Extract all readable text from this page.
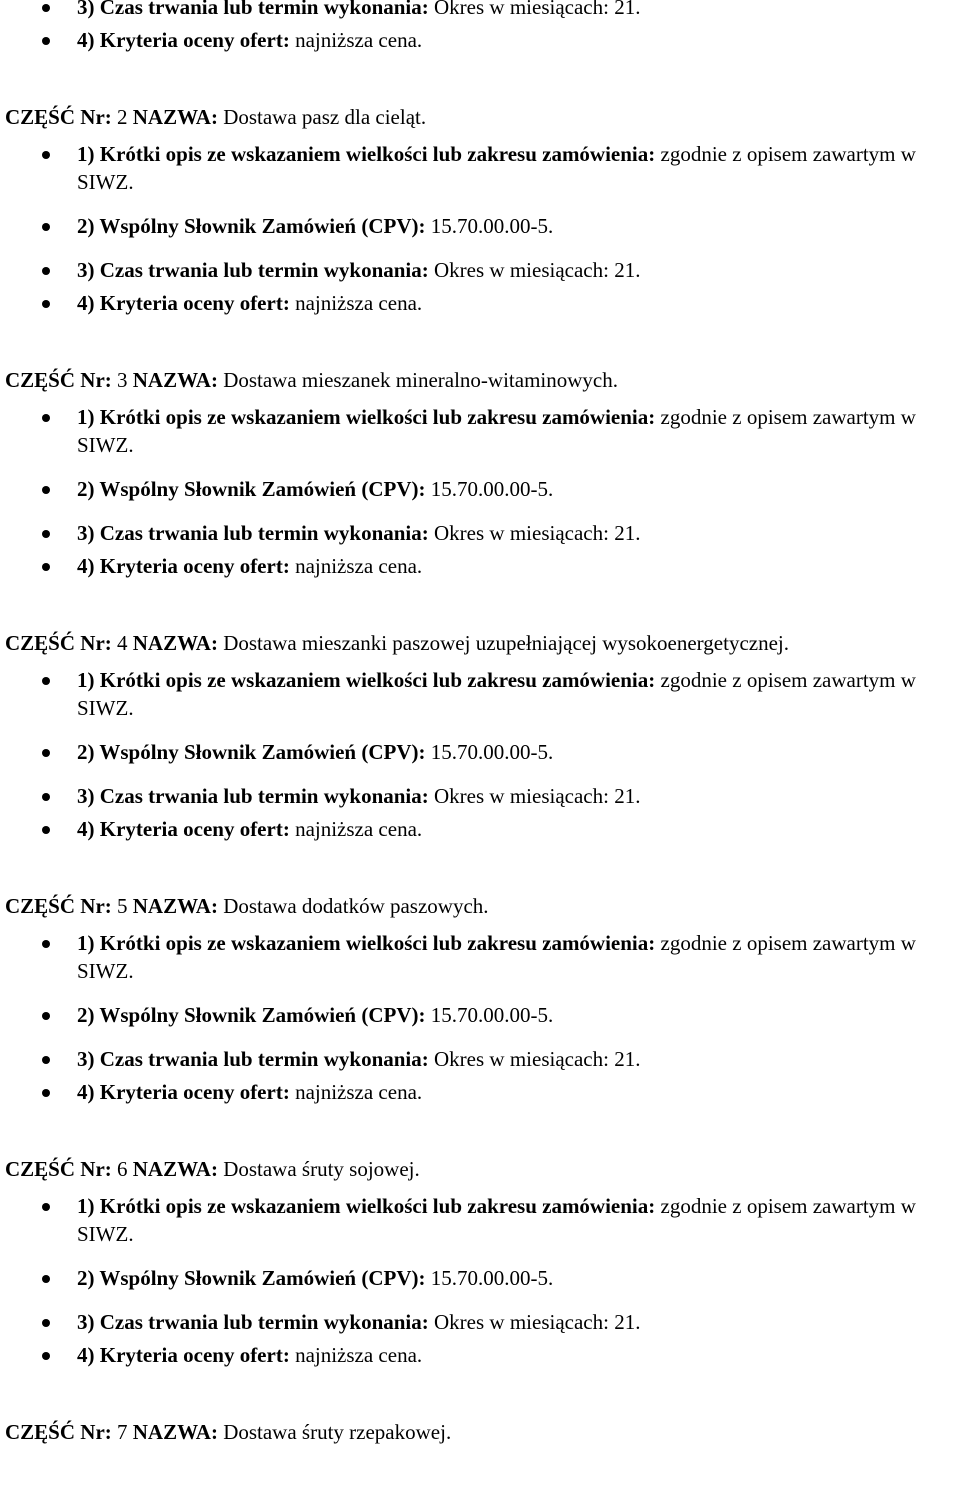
3) Czas trwania lub termin wykonania: Okres w miesiącach: 21.
4) Kryteria oceny ofert: najniższa cena.
CZĘŚĆ Nr: 2 NAZWA: Dostawa pasz dla cieląt.
1) Krótki opis ze wskazaniem wielkości lub zakresu zamówienia: zgodnie z opisem zawartym w SIWZ.
2) Wspólny Słownik Zamówień (CPV): 15.70.00.00-5.
3) Czas trwania lub termin wykonania: Okres w miesiącach: 21.
4) Kryteria oceny ofert: najniższa cena.
CZĘŚĆ Nr: 3 NAZWA: Dostawa mieszanek mineralno-witaminowych.
1) Krótki opis ze wskazaniem wielkości lub zakresu zamówienia: zgodnie z opisem zawartym w SIWZ.
2) Wspólny Słownik Zamówień (CPV): 15.70.00.00-5.
3) Czas trwania lub termin wykonania: Okres w miesiącach: 21.
4) Kryteria oceny ofert: najniższa cena.
CZĘŚĆ Nr: 4 NAZWA: Dostawa mieszanki paszowej uzupełniającej wysokoenergetycznej.
1) Krótki opis ze wskazaniem wielkości lub zakresu zamówienia: zgodnie z opisem zawartym w SIWZ.
2) Wspólny Słownik Zamówień (CPV): 15.70.00.00-5.
3) Czas trwania lub termin wykonania: Okres w miesiącach: 21.
4) Kryteria oceny ofert: najniższa cena.
CZĘŚĆ Nr: 5 NAZWA: Dostawa dodatków paszowych.
1) Krótki opis ze wskazaniem wielkości lub zakresu zamówienia: zgodnie z opisem zawartym w SIWZ.
2) Wspólny Słownik Zamówień (CPV): 15.70.00.00-5.
3) Czas trwania lub termin wykonania: Okres w miesiącach: 21.
4) Kryteria oceny ofert: najniższa cena.
CZĘŚĆ Nr: 6 NAZWA: Dostawa śruty sojowej.
1) Krótki opis ze wskazaniem wielkości lub zakresu zamówienia: zgodnie z opisem zawartym w SIWZ.
2) Wspólny Słownik Zamówień (CPV): 15.70.00.00-5.
3) Czas trwania lub termin wykonania: Okres w miesiącach: 21.
4) Kryteria oceny ofert: najniższa cena.
CZĘŚĆ Nr: 7 NAZWA: Dostawa śruty rzepakowej.
